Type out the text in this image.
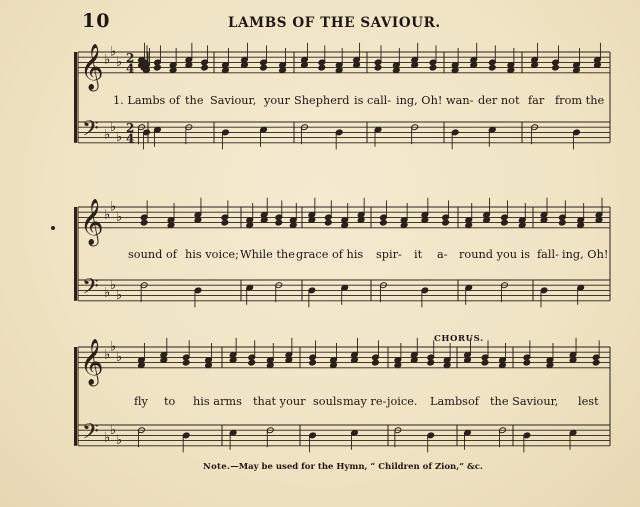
10	LAMBS OF THE SAVIOUR.
𝄞
𝄢
♭
♭
♭
♭
♭
♭
2
4
2
4
𝄞
𝄢
♭
♭
♭
♭
♭
♭
𝄞
𝄢
♭
♭
♭
♭
♭
♭
1. Lambs of the Saviour, your Shepherd is call- ing, Oh! wan- der not far from the
sound of his voice; While the grace of his spir- it a- round you is fall- ing, Oh!
CHORUS.
fly to his arms that your souls may re- joice. Lambs of the Saviour, lest
Note.—May be used for the Hymn, “ Children of Zion,” &c.
